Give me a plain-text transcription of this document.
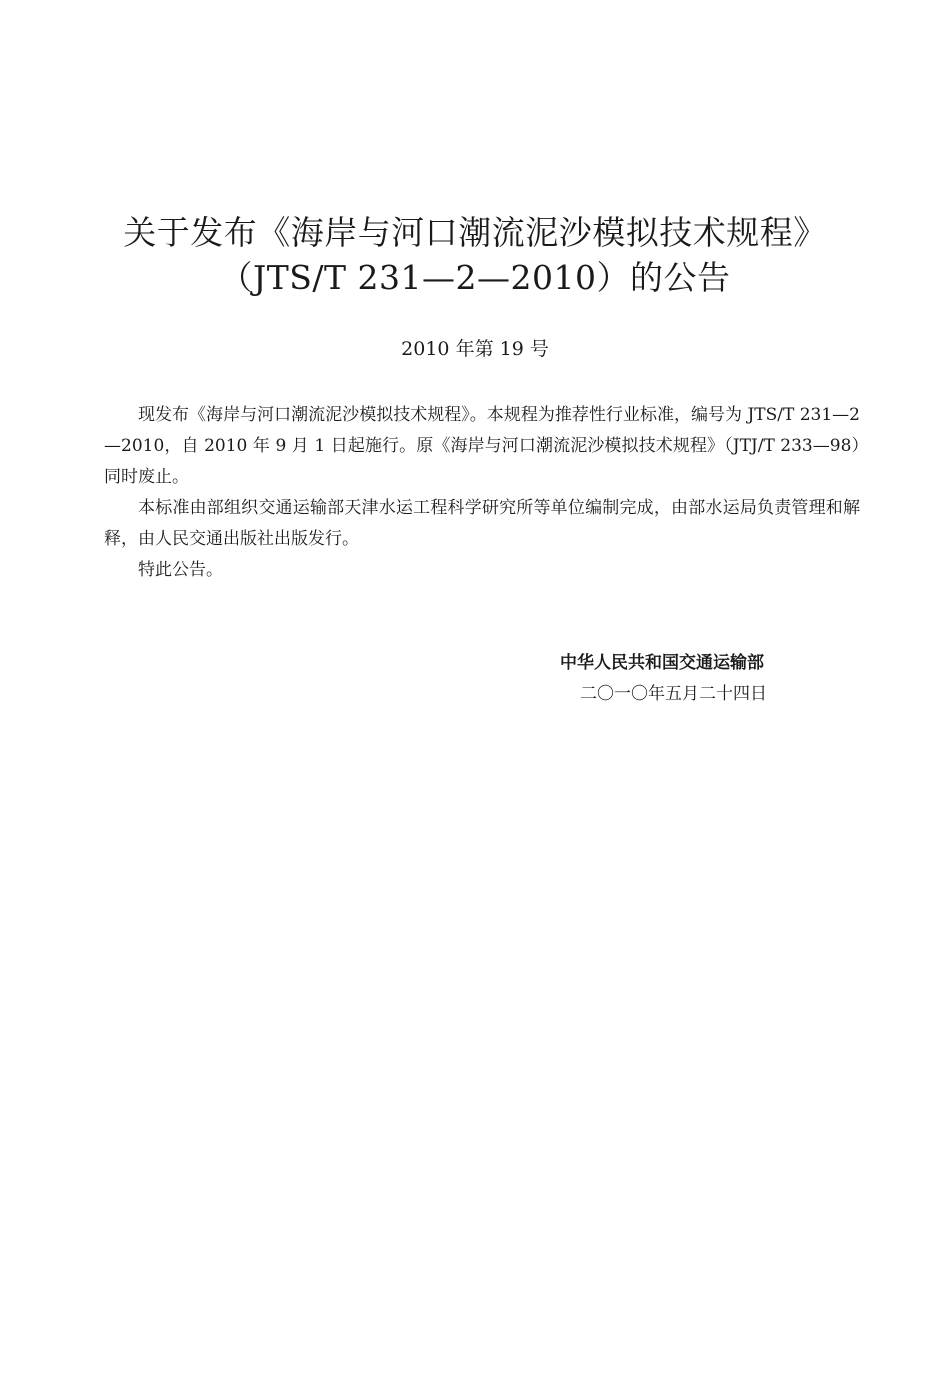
关于发布《海岸与河口潮流泥沙模拟技术规程》
（JTS/T 231—2—2010）的公告
2010 年第 19 号

现发布《海岸与河口潮流泥沙模拟技术规程》。本规程为推荐性行业标准，编号为 JTS/T 231—2—2010，自 2010 年 9 月 1 日起施行。原《海岸与河口潮流泥沙模拟技术规程》（JTJ/T 233—98）同时废止。

本标准由部组织交通运输部天津水运工程科学研究所等单位编制完成，由部水运局负责管理和解释，由人民交通出版社出版发行。

特此公告。

中华人民共和国交通运输部
二〇一〇年五月二十四日
